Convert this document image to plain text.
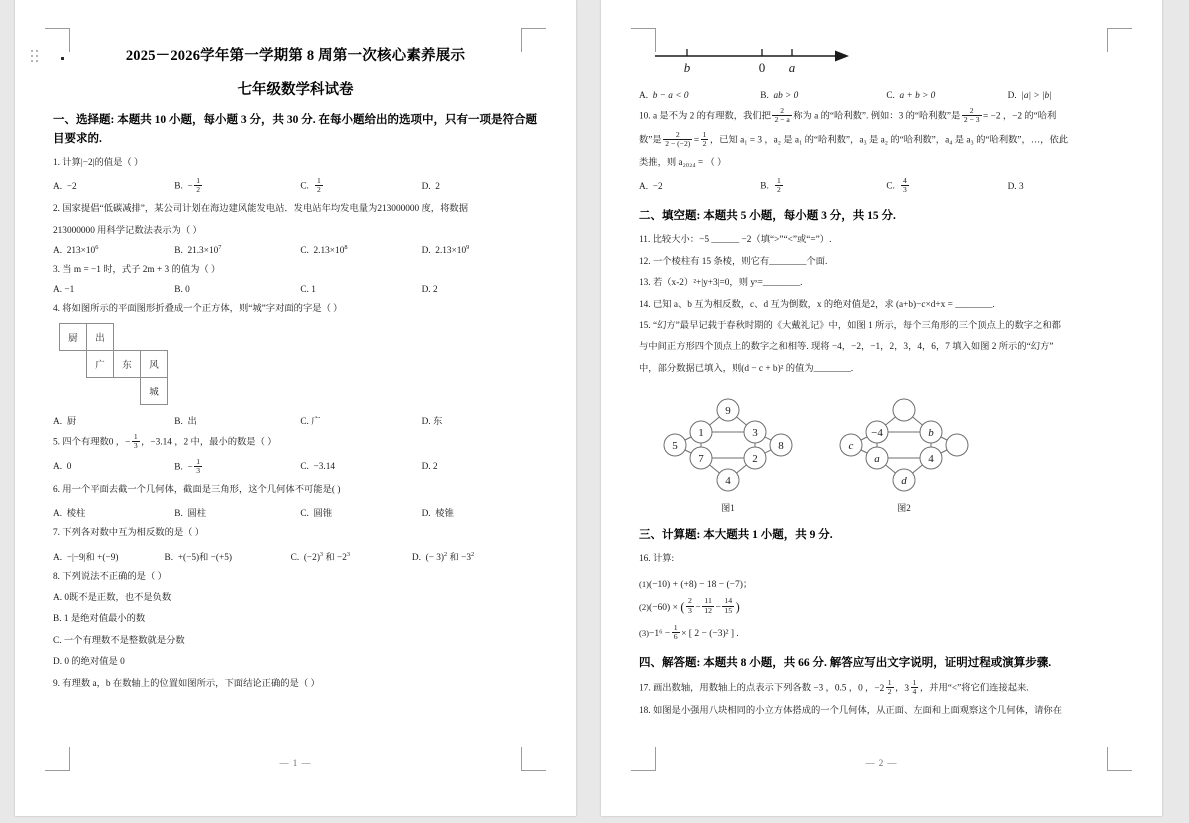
2025－2026学年第一学期第 8 周第一次核心素养展示
七年级数学科试卷
一、选择题: 本题共 10 小题，每小题 3 分，共 30 分. 在每小题给出的选项中，只有一项是符合题目要求的.
1. 计算|−2|的值是（ ）
A. −2	B. − $\frac{1}{2}$	C. $\frac{1}{2}$	D. 2
2. 国家提倡“低碳减排”，某公司计划在海边建风能发电站．发电站年均发电量为213000000 度，将数据
213000000 用科学记数法表示为（ ）
A. $213\times 10^6$	B. $21.3\times 10^7$	C. $2.13\times 10^8$	D. $2.13\times 10^9$
3. 当 m = −1 时，式子 2m + 3 的值为（ ）
A. −1	B. 0	C. 1	D. 2
4. 将如图所示的平面图形折叠成一个正方体，则“城”字对面的字是（ ）
厨	出		
	广	东	风
			城
A. 厨	B. 出	C. 广	D. 东
5. 四个有理数0 ，− $\frac{1}{3}$ ，−3.14 ，2 中，最小的数是（ ）
A. 0	B. − $\frac{1}{3}$	C. −3.14	D. 2
6. 用一个平面去截一个几何体，截面是三角形，这个几何体不可能是( )
A. 棱柱	B. 圆柱	C. 圆锥	D. 棱锥
7. 下列各对数中互为相反数的是（ ）
A. −|−9|和 +(−9)	B. +(−5)和 −(+5)	C. $(-2)^3$ 和 $-2^3$	D. (− 3)$^2$ 和 $-3^2$
8. 下列说法不正确的是（ ）
A. 0既不是正数，也不是负数
B. 1 是绝对值最小的数
C. 一个有理数不是整数就是分数
D. 0 的绝对值是 0
9. 有理数 a，b 在数轴上的位置如图所示，下面结论正确的是（ ）
— 1 —
b	0 a
A. b − a < 0	B. ab > 0	C. a + b > 0	D. |a| > |b|
10. a 是不为 2 的有理数，我们把 $\frac{2}{2 - a}$ 称为 a 的“哈利数”. 例如：3 的“哈利数”是 $\frac{2}{2 - 3} = -2$ ，−2 的“哈利
数”是 $\frac{2}{2 - (-2)} = \frac{1}{2}$ ，已知 a₁ = 3 ，a₂ 是 a₁ 的“哈利数”，a₃ 是 a₂ 的“哈利数”，a₄ 是 a₃ 的“哈利数”，…，依此
类推，则 a₂₀₂₄ = （ ）
A. −2	B. $\frac{1}{2}$	C. $\frac{4}{3}$	D. 3
二、填空题: 本题共 5 小题，每小题 3 分，共 15 分.
11. 比较大小：−5 ______ −2（填“>”“<”或“=”）.
12. 一个棱柱有 15 条棱，则它有________个面.
13. 若（x-2）²+|y+3|=0，则 yˣ=________.
14. 已知 a、b 互为相反数，c、d 互为倒数，x 的绝对值是2，求 (a+b)−c×d+x = ________.
15. “幻方”最早记载于春秋时期的《大戴礼记》中，如图 1 所示，每个三角形的三个顶点上的数字之和都
与中间正方形四个顶点上的数字之和相等. 现将 −4，−2，−1，2，3，4，6，7 填入如图 2 所示的“幻方”
中，部分数据已填入，则(d − c + b)² 的值为________.
9
4
5	8
1	3
7	2
图1
d
c
−4	b
a	4
图2
三、计算题: 本大题共 1 小题，共 9 分.
16. 计算:
(1)(−10) + (+8) − 18 − (−7)；
(2)(−60) × ( $\frac{2}{3} - \frac{11}{12} - \frac{14}{15}$ )
$(3)-1^6 - \frac{1}{6}$ × [ 2 − (−3)² ] .
四、解答题: 本题共 8 小题，共 66 分. 解答应写出文字说明，证明过程或演算步骤.
17. 画出数轴，用数轴上的点表示下列各数 −3 ，0.5 ，0 ， $-2 \frac{1}{2}$ ， $3 \frac{1}{4}$ ，并用“<”将它们连接起来.
18. 如图是小强用八块相同的小立方体搭成的一个几何体，从正面、左面和上面观察这个几何体，请你在
— 2 —
